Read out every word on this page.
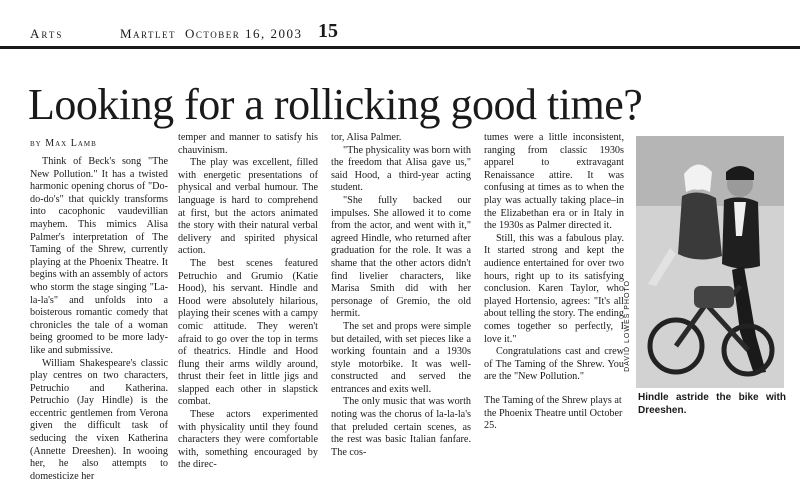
Arts	Martlet October 16, 2003 15
Looking for a rollicking good time?
by Max Lamb

Think of Beck's song "The New Pollution." It has a twisted harmonic opening chorus of "Do-do-do's" that quickly transforms into cacophonic vaudevillian mayhem. This mimics Alisa Palmer's interpretation of The Taming of the Shrew, currently playing at the Phoenix Theatre. It begins with an assembly of actors who storm the stage singing "La-la-la's" and unfolds into a boisterous romantic comedy that chronicles the tale of a woman being groomed to be more lady-like and submissive.

William Shakespeare's classic play centres on two characters, Petruchio and Katherina. Petruchio (Jay Hindle) is the eccentric gentlemen from Verona given the difficult task of seducing the vixen Katherina (Annette Dreeshen). In wooing her, he also attempts to domesticize her

temper and manner to satisfy his chauvinism.

The play was excellent, filled with energetic presentations of physical and verbal humour. The language is hard to comprehend at first, but the actors animated the story with their natural verbal delivery and spirited physical action.

The best scenes featured Petruchio and Grumio (Katie Hood), his servant. Hindle and Hood were absolutely hilarious, playing their scenes with a campy comic attitude. They weren't afraid to go over the top in terms of theatrics. Hindle and Hood flung their arms wildly around, thrust their feet in little jigs and slapped each other in slapstick combat.

These actors experimented with physicality until they found characters they were comfortable with, something encouraged by the direc-

tor, Alisa Palmer.

"The physicality was born with the freedom that Alisa gave us," said Hood, a third-year acting student.

"She fully backed our impulses. She allowed it to come from the actor, and went with it," agreed Hindle, who returned after graduation for the role. It was a shame that the other actors didn't find livelier characters, like Marisa Smith did with her personage of Gremio, the old hermit.

The set and props were simple but detailed, with set pieces like a working fountain and a 1930s style motorbike. It was well-constructed and served the entrances and exits well.

The only music that was worth noting was the chorus of la-la-la's that preluded certain scenes, as the rest was basic Italian fanfare. The cos-

tumes were a little inconsistent, ranging from classic 1930s apparel to extravagant Renaissance attire. It was confusing at times as to when the play was actually taking place–in the Elizabethan era or in Italy in the 1930s as Palmer directed it.

Still, this was a fabulous play. It started strong and kept the audience entertained for over two hours, right up to its satisfying conclusion. Karen Taylor, who played Hortensio, agrees: "It's all about telling the story. The ending comes together so perfectly, I love it."

Congratulations cast and crew of The Taming of the Shrew. You are the "New Pollution."

The Taming of the Shrew plays at the Phoenix Theatre until October 25.
DAVID LOWES PHOTO
Hindle astride the bike with Dreeshen.
